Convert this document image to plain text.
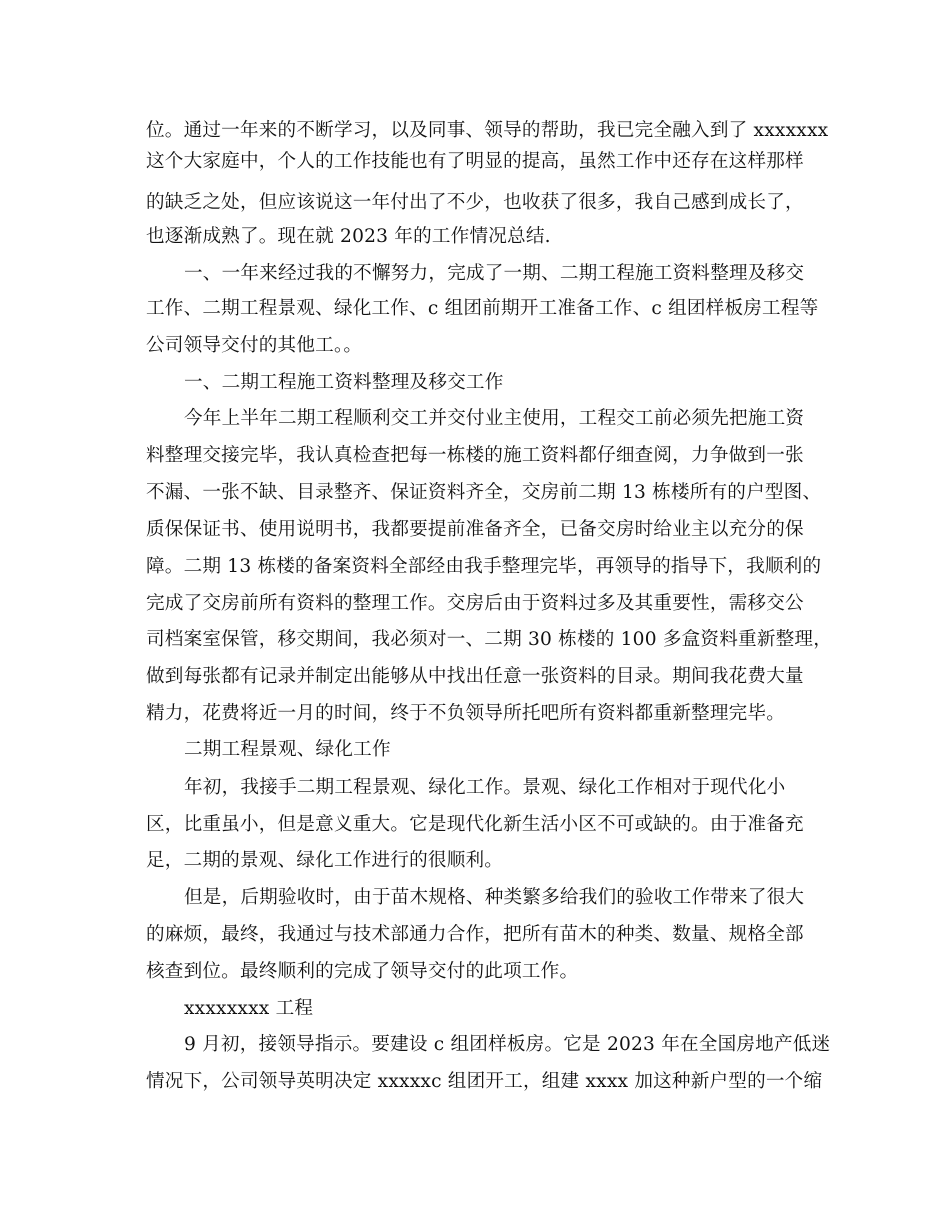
位。通过一年来的不断学习，以及同事、领导的帮助，我已完全融入到了 xxxxxxx
这个大家庭中，个人的工作技能也有了明显的提高，虽然工作中还存在这样那样
的缺乏之处，但应该说这一年付出了不少，也收获了很多，我自己感到成长了，
也逐渐成熟了。现在就 2023 年的工作情况总结.
一、一年来经过我的不懈努力，完成了一期、二期工程施工资料整理及移交
工作、二期工程景观、绿化工作、c 组团前期开工准备工作、c 组团样板房工程等
公司领导交付的其他工。。
一、二期工程施工资料整理及移交工作
今年上半年二期工程顺利交工并交付业主使用，工程交工前必须先把施工资
料整理交接完毕，我认真检查把每一栋楼的施工资料都仔细查阅，力争做到一张
不漏、一张不缺、目录整齐、保证资料齐全，交房前二期 13 栋楼所有的户型图、
质保保证书、使用说明书，我都要提前准备齐全，已备交房时给业主以充分的保
障。二期 13 栋楼的备案资料全部经由我手整理完毕，再领导的指导下，我顺利的
完成了交房前所有资料的整理工作。交房后由于资料过多及其重要性，需移交公
司档案室保管，移交期间，我必须对一、二期 30 栋楼的 100 多盒资料重新整理，
做到每张都有记录并制定出能够从中找出任意一张资料的目录。期间我花费大量
精力，花费将近一月的时间，终于不负领导所托吧所有资料都重新整理完毕。
二期工程景观、绿化工作
年初，我接手二期工程景观、绿化工作。景观、绿化工作相对于现代化小
区，比重虽小，但是意义重大。它是现代化新生活小区不可或缺的。由于准备充
足，二期的景观、绿化工作进行的很顺利。
但是，后期验收时，由于苗木规格、种类繁多给我们的验收工作带来了很大
的麻烦，最终，我通过与技术部通力合作，把所有苗木的种类、数量、规格全部
核查到位。最终顺利的完成了领导交付的此项工作。
xxxxxxxx 工程
9 月初，接领导指示。要建设 c 组团样板房。它是 2023 年在全国房地产低迷
情况下，公司领导英明决定 xxxxxc 组团开工，组建 xxxx 加这种新户型的一个缩
